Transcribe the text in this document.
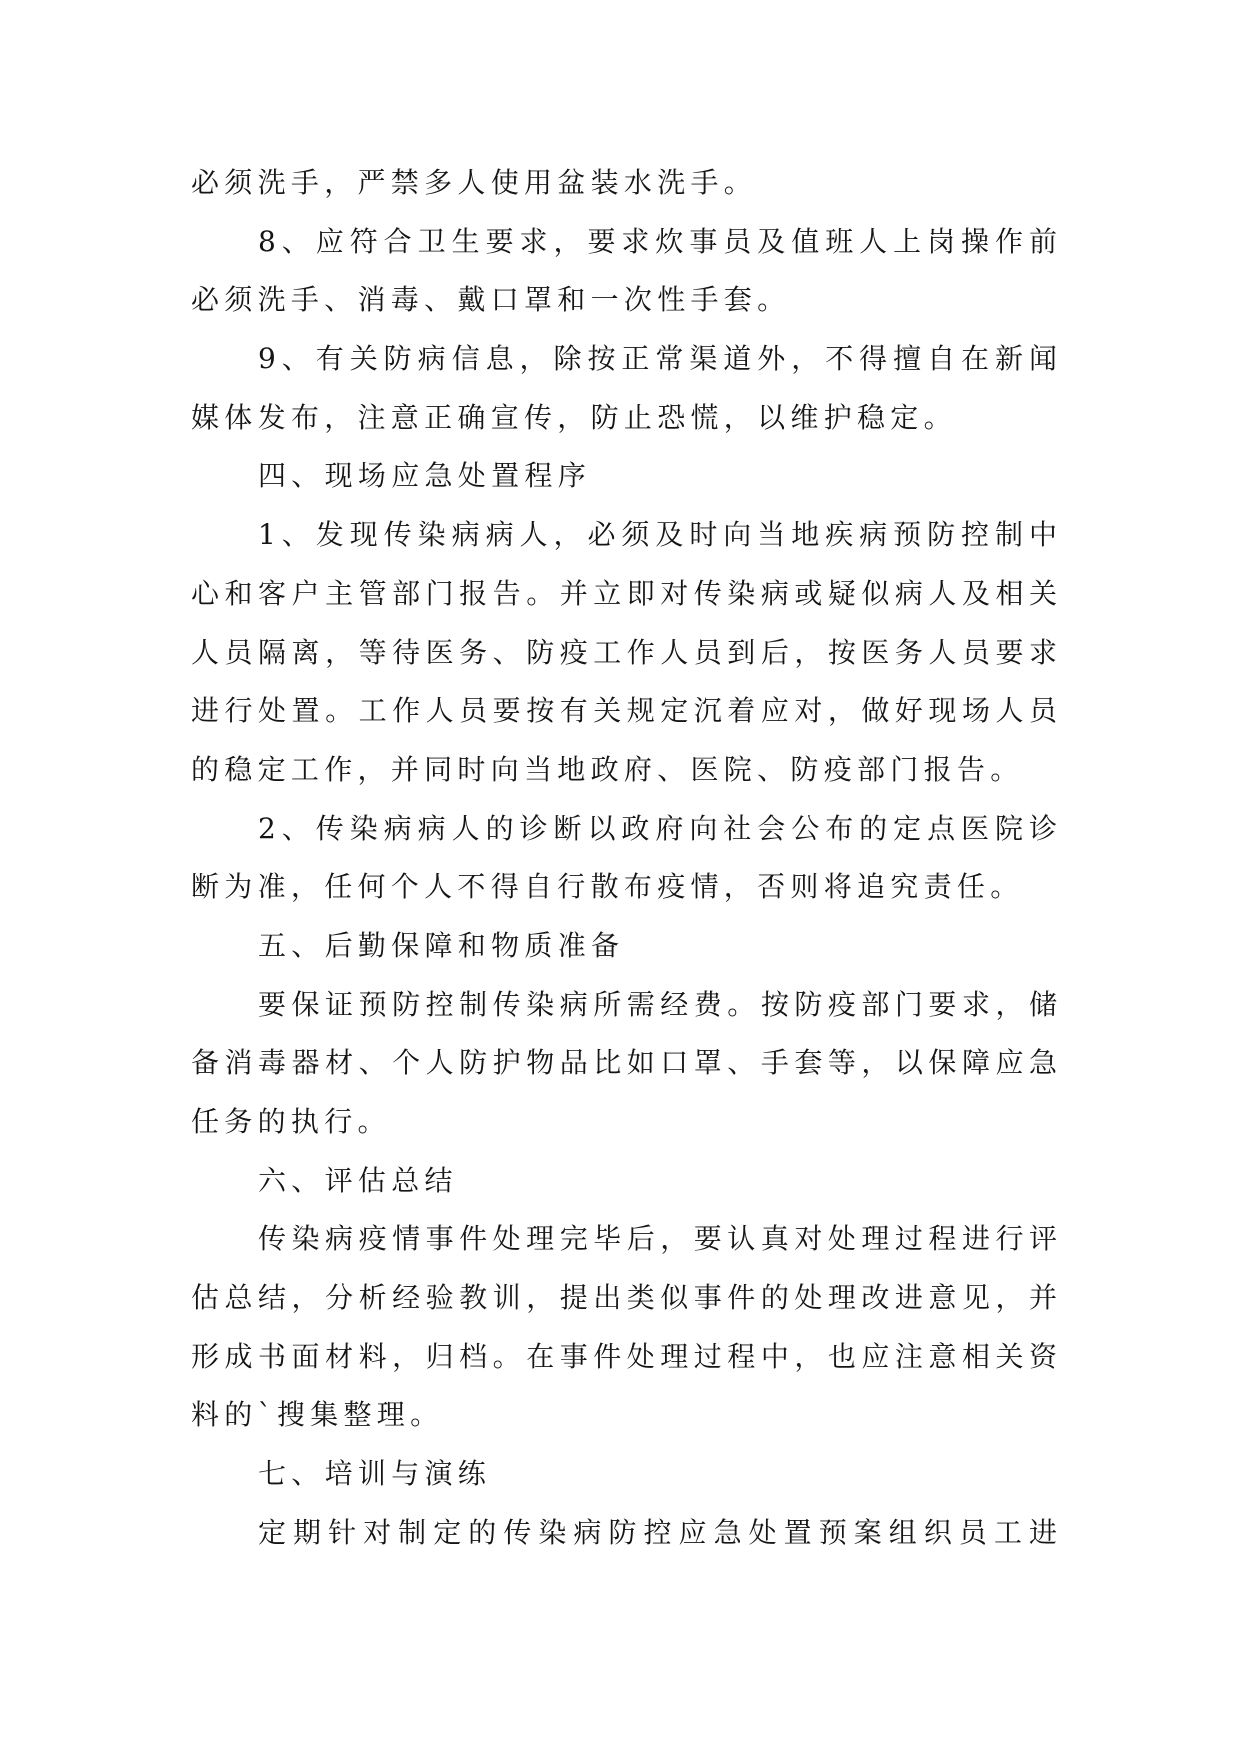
必须洗手，严禁多人使用盆装水洗手。
8、应符合卫生要求，要求炊事员及值班人上岗操作前
必须洗手、消毒、戴口罩和一次性手套。
9、有关防病信息，除按正常渠道外，不得擅自在新闻
媒体发布，注意正确宣传，防止恐慌，以维护稳定。
四、现场应急处置程序
1、发现传染病病人，必须及时向当地疾病预防控制中
心和客户主管部门报告。并立即对传染病或疑似病人及相关
人员隔离，等待医务、防疫工作人员到后，按医务人员要求
进行处置。工作人员要按有关规定沉着应对，做好现场人员
的稳定工作，并同时向当地政府、医院、防疫部门报告。
2、传染病病人的诊断以政府向社会公布的定点医院诊
断为准，任何个人不得自行散布疫情，否则将追究责任。
五、后勤保障和物质准备
要保证预防控制传染病所需经费。按防疫部门要求，储
备消毒器材、个人防护物品比如口罩、手套等，以保障应急
任务的执行。
六、评估总结
传染病疫情事件处理完毕后，要认真对处理过程进行评
估总结，分析经验教训，提出类似事件的处理改进意见，并
形成书面材料，归档。在事件处理过程中，也应注意相关资
料的`搜集整理。
七、培训与演练
定期针对制定的传染病防控应急处置预案组织员工进
